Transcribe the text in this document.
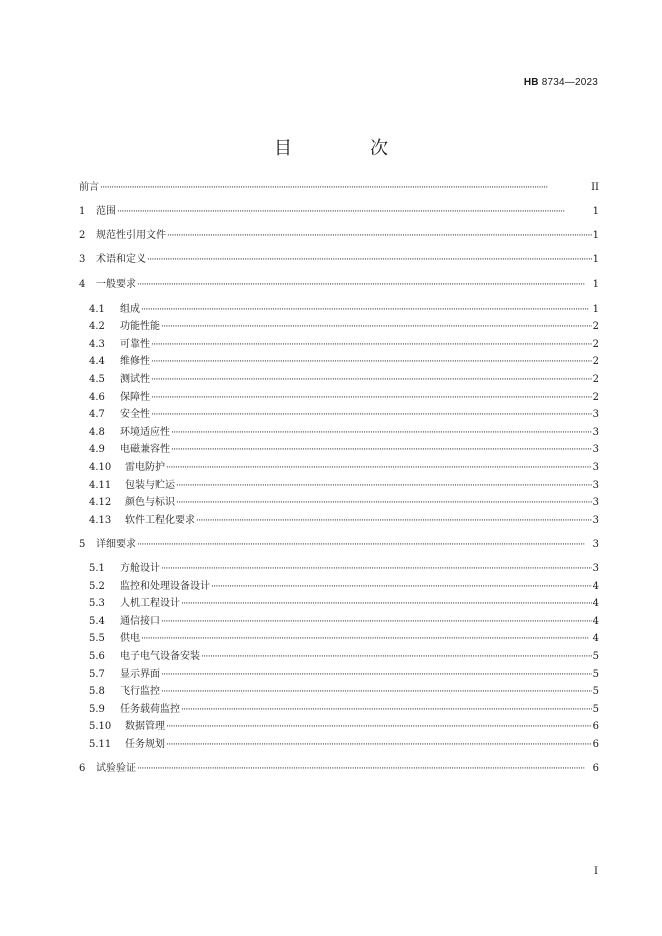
HB 8734—2023
目　次
前言 ·····	II
1	范围 ·····	1
2	规范性引用文件 ·····	1
3	术语和定义 ·····	1
4	一般要求 ·····	1
4.1	组成 ·····	1
4.2	功能性能 ·····	2
4.3	可靠性 ·····	2
4.4	维修性 ·····	2
4.5	测试性 ·····	2
4.6	保障性 ·····	2
4.7	安全性 ·····	3
4.8	环境适应性 ·····	3
4.9	电磁兼容性 ·····	3
4.10	雷电防护 ·····	3
4.11	包装与贮运 ·····	3
4.12	颜色与标识 ·····	3
4.13	软件工程化要求 ·····	3
5	详细要求 ·····	3
5.1	方舱设计 ·····	3
5.2	监控和处理设备设计 ·····	4
5.3	人机工程设计 ·····	4
5.4	通信接口 ·····	4
5.5	供电 ·····	4
5.6	电子电气设备安装 ·····	5
5.7	显示界面 ·····	5
5.8	飞行监控 ·····	5
5.9	任务载荷监控 ·····	5
5.10	数据管理 ·····	6
5.11	任务规划 ·····	6
6	试验验证 ·····	6
I
